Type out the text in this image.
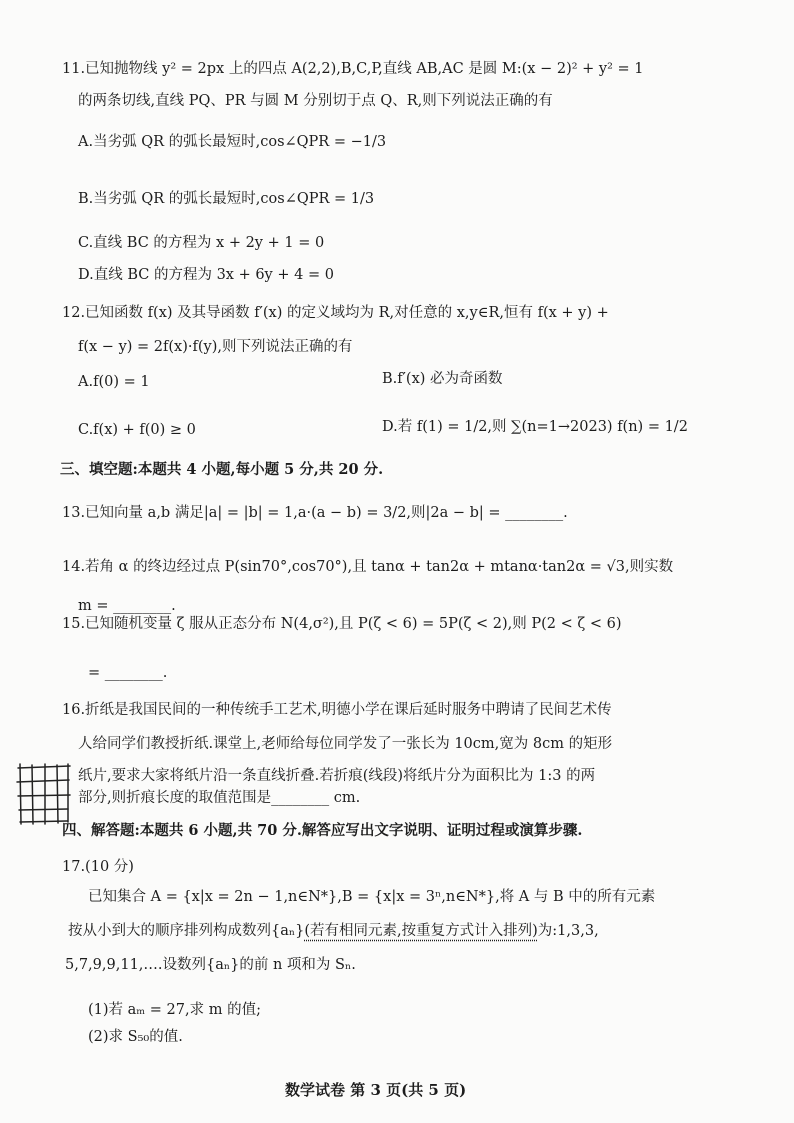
11.已知抛物线 y² = 2px 上的四点 A(2,2),B,C,P,直线 AB,AC 是圆 M:(x − 2)² + y² = 1
的两条切线,直线 PQ、PR 与圆 M 分别切于点 Q、R,则下列说法正确的有
A.当劣弧 QR 的弧长最短时,cos∠QPR = −1/3
B.当劣弧 QR 的弧长最短时,cos∠QPR = 1/3
C.直线 BC 的方程为 x + 2y + 1 = 0
D.直线 BC 的方程为 3x + 6y + 4 = 0
12.已知函数 f(x) 及其导函数 f′(x) 的定义域均为 R,对任意的 x,y∈R,恒有 f(x + y) +
f(x − y) = 2f(x)·f(y),则下列说法正确的有
A.f(0) = 1	B.f′(x) 必为奇函数
C.f(x) + f(0) ≥ 0	D.若 f(1) = 1/2,则 ∑(n=1→2023) f(n) = 1/2
三、填空题:本题共 4 小题,每小题 5 分,共 20 分.
13.已知向量 a,b 满足|a| = |b| = 1,a·(a − b) = 3/2,则|2a − b| = ________.
14.若角 α 的终边经过点 P(sin70°,cos70°),且 tanα + tan2α + mtanα·tan2α = √3,则实数
m = ________.
15.已知随机变量 ζ 服从正态分布 N(4,σ²),且 P(ζ < 6) = 5P(ζ < 2),则 P(2 < ζ < 6)
= ________.
16.折纸是我国民间的一种传统手工艺术,明德小学在课后延时服务中聘请了民间艺术传
人给同学们教授折纸.课堂上,老师给每位同学发了一张长为 10cm,宽为 8cm 的矩形
纸片,要求大家将纸片沿一条直线折叠.若折痕(线段)将纸片分为面积比为 1:3 的两
部分,则折痕长度的取值范围是________ cm.
四、解答题:本题共 6 小题,共 70 分.解答应写出文字说明、证明过程或演算步骤.
17.(10 分)
已知集合 A = {x|x = 2n − 1,n∈N*},B = {x|x = 3ⁿ,n∈N*},将 A 与 B 中的所有元素
按从小到大的顺序排列构成数列{aₙ}(若有相同元素,按重复方式计入排列)为:1,3,3,
5,7,9,9,11,….设数列{aₙ}的前 n 项和为 Sₙ.
(1)若 aₘ = 27,求 m 的值;
(2)求 S₅₀的值.
数学试卷 第 3 页(共 5 页)
